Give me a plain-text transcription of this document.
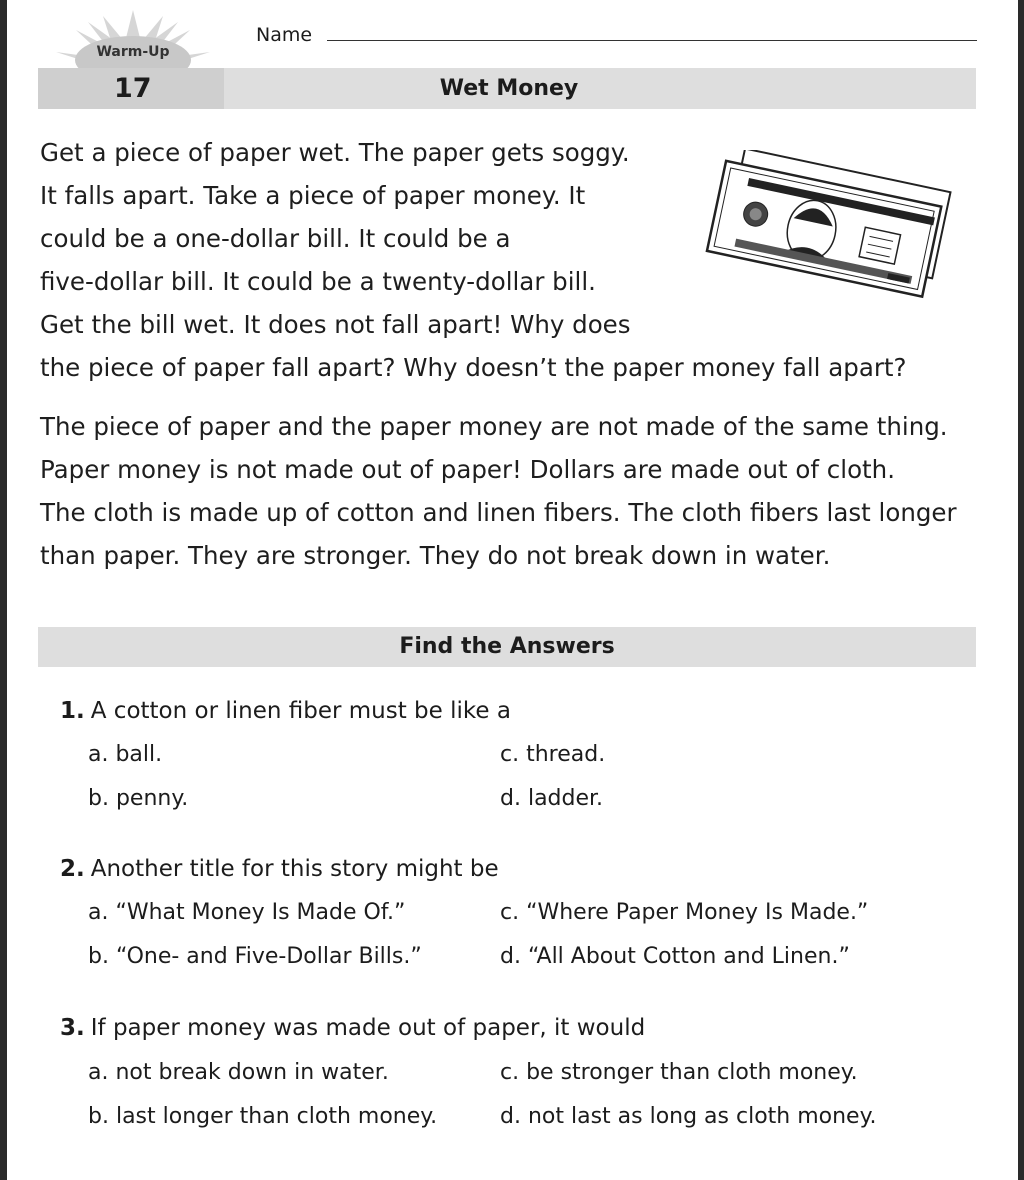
Warm-Up
Name
17	Wet Money
Get a piece of paper wet. The paper gets soggy.
It falls apart. Take a piece of paper money. It
could be a one-dollar bill. It could be a
five-dollar bill. It could be a twenty-dollar bill.
Get the bill wet. It does not fall apart! Why does
the piece of paper fall apart? Why doesn’t the paper money fall apart?
The piece of paper and the paper money are not made of the same thing.
Paper money is not made out of paper! Dollars are made out of cloth.
The cloth is made up of cotton and linen fibers. The cloth fibers last longer
than paper. They are stronger. They do not break down in water.
Find the Answers
1. A cotton or linen fiber must be like a
a. ball.
b. penny.
c. thread.
d. ladder.
2. Another title for this story might be
a. “What Money Is Made Of.”
b. “One- and Five-Dollar Bills.”
c. “Where Paper Money Is Made.”
d. “All About Cotton and Linen.”
3. If paper money was made out of paper, it would
a. not break down in water.
b. last longer than cloth money.
c. be stronger than cloth money.
d. not last as long as cloth money.
